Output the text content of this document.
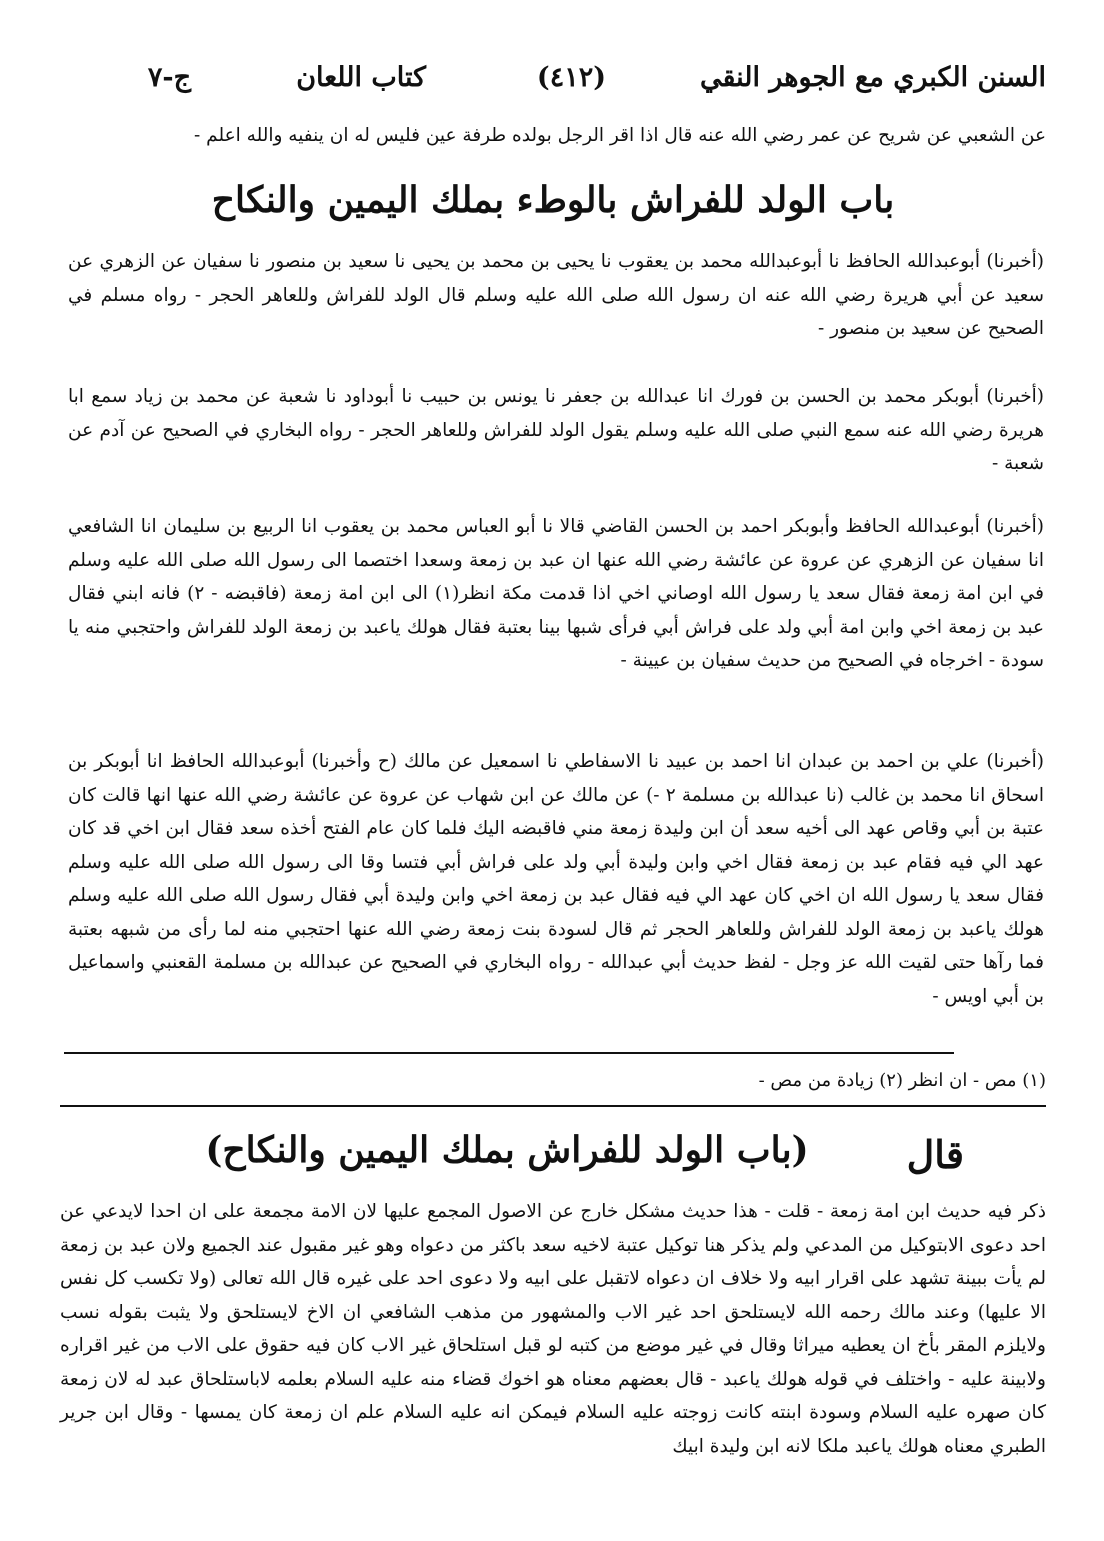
السنن الكبري مع الجوهر النقي
(٤١٢)
كتاب اللعان
ج-٧
عن الشعبي عن شريح عن عمر رضي الله عنه قال اذا اقر الرجل بولده طرفة عين فليس له ان ينفيه والله اعلم -
باب الولد للفراش بالوطء بملك اليمين والنكاح
(أخبرنا) أبوعبدالله الحافظ نا أبوعبدالله محمد بن يعقوب نا يحيى بن محمد بن يحيى نا سعيد بن منصور نا سفيان عن الزهري عن سعيد عن أبي هريرة رضي الله عنه ان رسول الله صلى الله عليه وسلم قال الولد للفراش وللعاهر الحجر - رواه مسلم في الصحيح عن سعيد بن منصور -
(أخبرنا) أبوبكر محمد بن الحسن بن فورك انا عبدالله بن جعفر نا يونس بن حبيب نا أبوداود نا شعبة عن محمد بن زياد سمع ابا هريرة رضي الله عنه سمع النبي صلى الله عليه وسلم يقول الولد للفراش وللعاهر الحجر - رواه البخاري في الصحيح عن آدم عن شعبة -
(أخبرنا) أبوعبدالله الحافظ وأبوبكر احمد بن الحسن القاضي قالا نا أبو العباس محمد بن يعقوب انا الربيع بن سليمان انا الشافعي انا سفيان عن الزهري عن عروة عن عائشة رضي الله عنها ان عبد بن زمعة وسعدا اختصما الى رسول الله صلى الله عليه وسلم في ابن امة زمعة فقال سعد يا رسول الله اوصاني اخي اذا قدمت مكة انظر(١) الى ابن امة زمعة (فاقبضه - ٢) فانه ابني فقال عبد بن زمعة اخي وابن امة أبي ولد على فراش أبي فرأى شبها بينا بعتبة فقال هولك ياعبد بن زمعة الولد للفراش واحتجبي منه يا سودة - اخرجاه في الصحيح من حديث سفيان بن عيينة -
(أخبرنا) علي بن احمد بن عبدان انا احمد بن عبيد نا الاسفاطي نا اسمعيل عن مالك (ح وأخبرنا) أبوعبدالله الحافظ انا أبوبكر بن اسحاق انا محمد بن غالب (نا عبدالله بن مسلمة ٢ -) عن مالك عن ابن شهاب عن عروة عن عائشة رضي الله عنها انها قالت كان عتبة بن أبي وقاص عهد الى أخيه سعد أن ابن وليدة زمعة مني فاقبضه اليك فلما كان عام الفتح أخذه سعد فقال ابن اخي قد كان عهد الي فيه فقام عبد بن زمعة فقال اخي وابن وليدة أبي ولد على فراش أبي فتسا وقا الى رسول الله صلى الله عليه وسلم فقال سعد يا رسول الله ان اخي كان عهد الي فيه فقال عبد بن زمعة اخي وابن وليدة أبي فقال رسول الله صلى الله عليه وسلم هولك ياعبد بن زمعة الولد للفراش وللعاهر الحجر ثم قال لسودة بنت زمعة رضي الله عنها احتجبي منه لما رأى من شبهه بعتبة فما رآها حتى لقيت الله عز وجل - لفظ حديث أبي عبدالله - رواه البخاري في الصحيح عن عبدالله بن مسلمة القعنبي واسماعيل بن أبي اويس -
(١) مص - ان انظر (٢) زيادة من مص -
قال
(باب الولد للفراش بملك اليمين والنكاح)
ذكر فيه حديث ابن امة زمعة - قلت - هذا حديث مشكل خارج عن الاصول المجمع عليها لان الامة مجمعة على ان احدا لايدعي عن احد دعوى الابتوكيل من المدعي ولم يذكر هنا توكيل عتبة لاخيه سعد باكثر من دعواه وهو غير مقبول عند الجميع ولان عبد بن زمعة لم يأت ببينة تشهد على اقرار ابيه ولا خلاف ان دعواه لاتقبل على ابيه ولا دعوى احد على غيره قال الله تعالى (ولا تكسب كل نفس الا عليها) وعند مالك رحمه الله لايستلحق احد غير الاب والمشهور من مذهب الشافعي ان الاخ لايستلحق ولا يثبت بقوله نسب ولايلزم المقر بأخ ان يعطيه ميراثا وقال في غير موضع من كتبه لو قبل استلحاق غير الاب كان فيه حقوق على الاب من غير اقراره ولابينة عليه - واختلف في قوله هولك ياعبد - قال بعضهم معناه هو اخوك قضاء منه عليه السلام بعلمه لاباستلحاق عبد له لان زمعة كان صهره عليه السلام وسودة ابنته كانت زوجته عليه السلام فيمكن انه عليه السلام علم ان زمعة كان يمسها - وقال ابن جرير الطبري معناه هولك ياعبد ملكا لانه ابن وليدة ابيك
